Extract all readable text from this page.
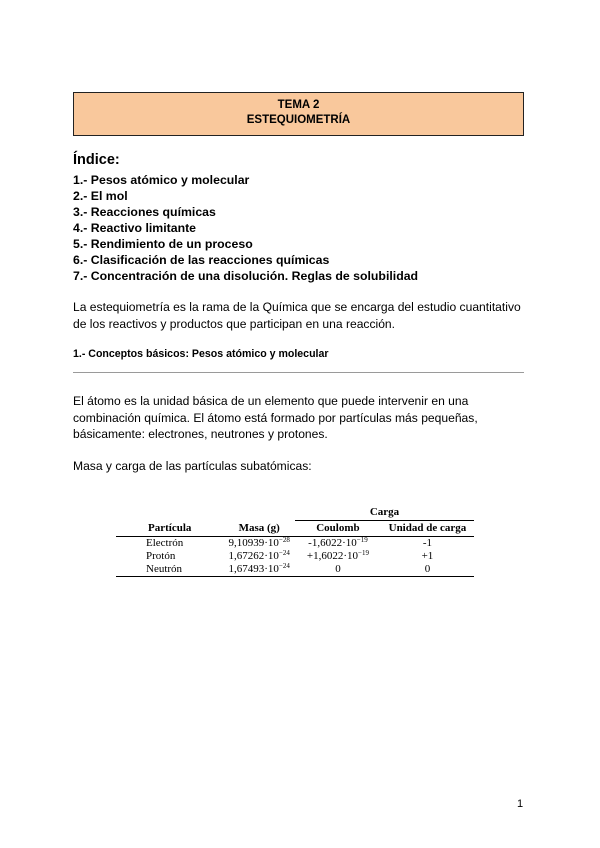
TEMA 2
ESTEQUIOMETRÍA
Índice:
1.- Pesos atómico y molecular
2.- El mol
3.- Reacciones químicas
4.- Reactivo limitante
5.- Rendimiento de un proceso
6.- Clasificación de las reacciones químicas
7.- Concentración de una disolución. Reglas de solubilidad
La estequiometría es la rama de la Química que se encarga del estudio cuantitativo
de los reactivos y productos que participan en una reacción.
1.- Conceptos básicos: Pesos atómico y molecular
El átomo es la unidad básica de un elemento que puede intervenir en una
combinación química. El átomo está formado por partículas más pequeñas,
básicamente: electrones, neutrones y protones.
Masa y carga de las partículas subatómicas:
		Carga	
Partícula	Masa (g)	Coulomb	Unidad de carga
Electrón	$9,10939\cdot 10^{-28}$	$-1,6022\cdot 10^{-19}$	-1
Protón	$1,67262\cdot 10^{-24}$	$+1,6022\cdot 10^{-19}$	+1
Neutrón	$1,67493\cdot 10^{-24}$	0	0
1
